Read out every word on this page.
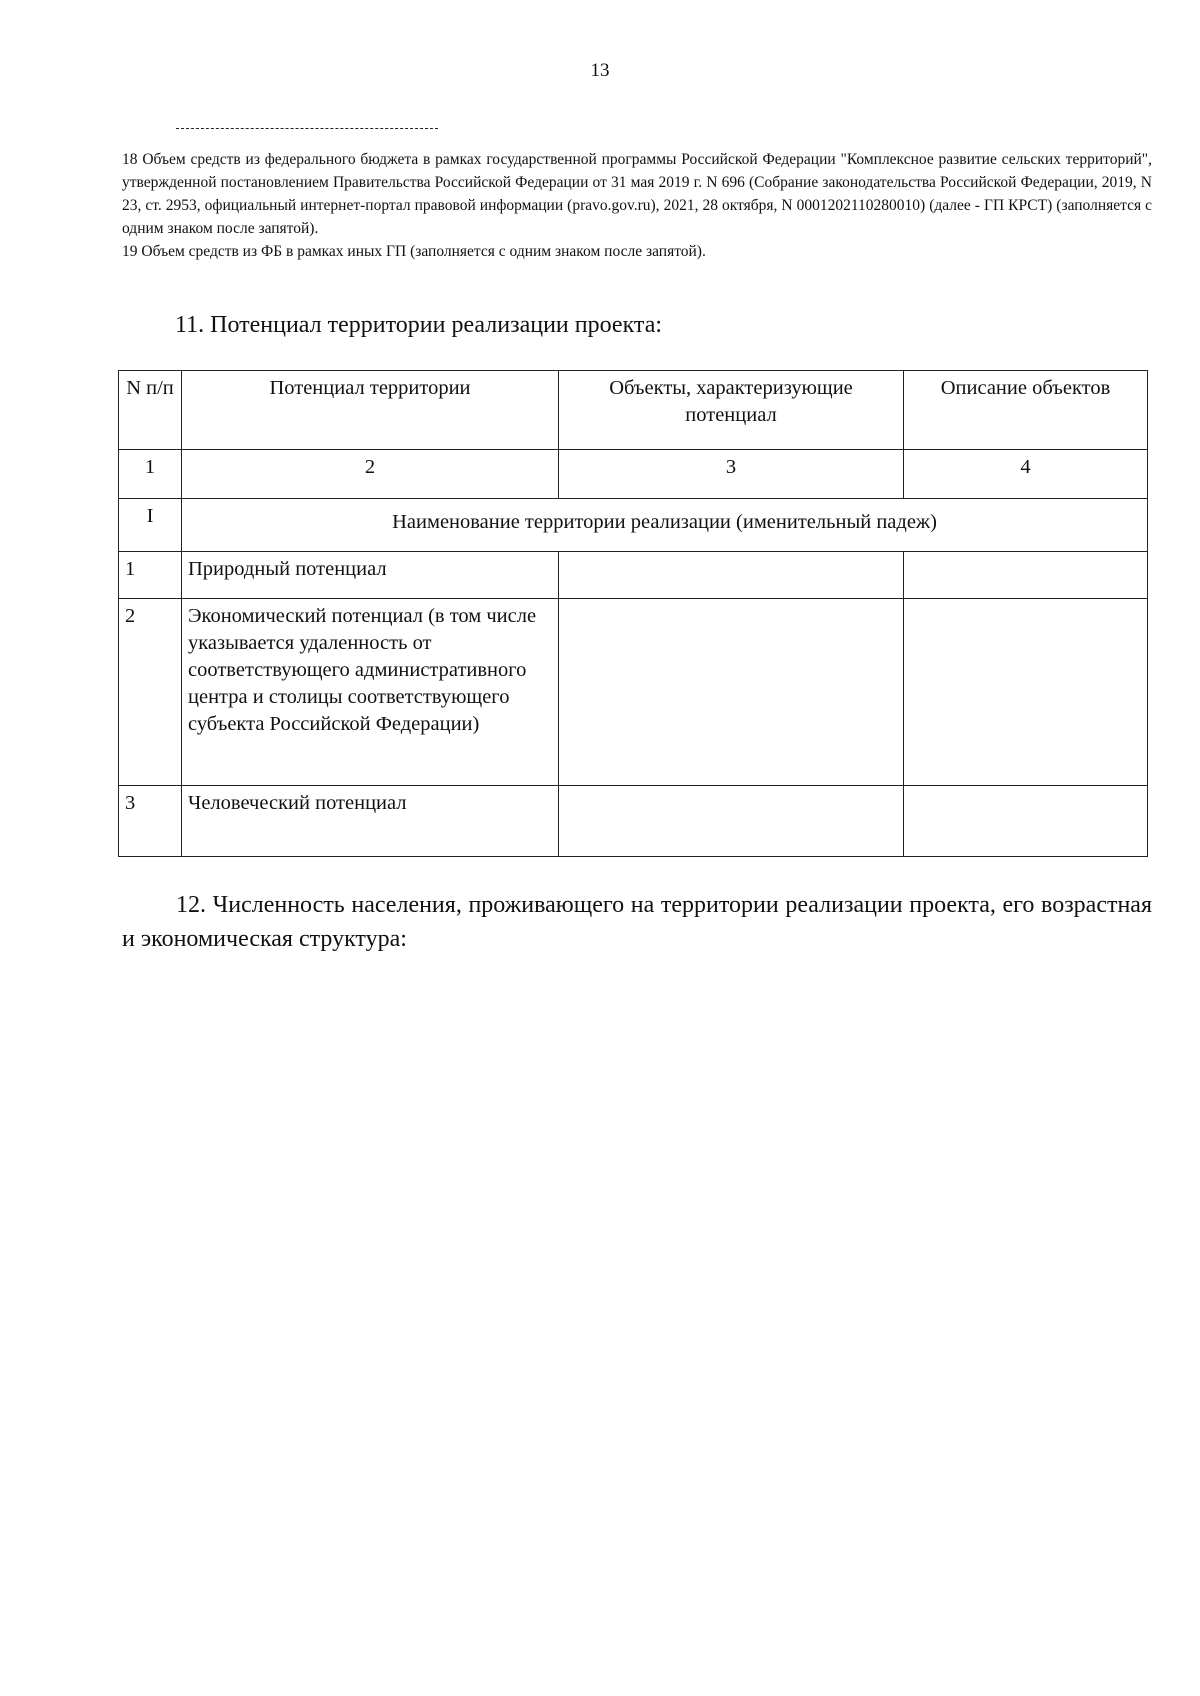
13

18 Объем средств из федерального бюджета в рамках государственной программы Российской Федерации "Комплексное развитие сельских территорий", утвержденной постановлением Правительства Российской Федерации от 31 мая 2019 г. N 696 (Собрание законодательства Российской Федерации, 2019, N 23, ст. 2953, официальный интернет-портал правовой информации (pravo.gov.ru), 2021, 28 октября, N 0001202110280010) (далее - ГП КРСТ) (заполняется с одним знаком после запятой).

19 Объем средств из ФБ в рамках иных ГП (заполняется с одним знаком после запятой).

11. Потенциал территории реализации проекта:
N п/п	Потенциал территории	Объекты, характеризующие потенциал	Описание объектов
1	2	3	4
I	Наименование территории реализации (именительный падеж)		
1	Природный потенциал		
2	Экономический потенциал (в том числе указывается удаленность от соответствующего административного центра и столицы соответствующего субъекта Российской Федерации)		
3	Человеческий потенциал		
12. Численность населения, проживающего на территории реализации проекта, его возрастная и экономическая структура:
